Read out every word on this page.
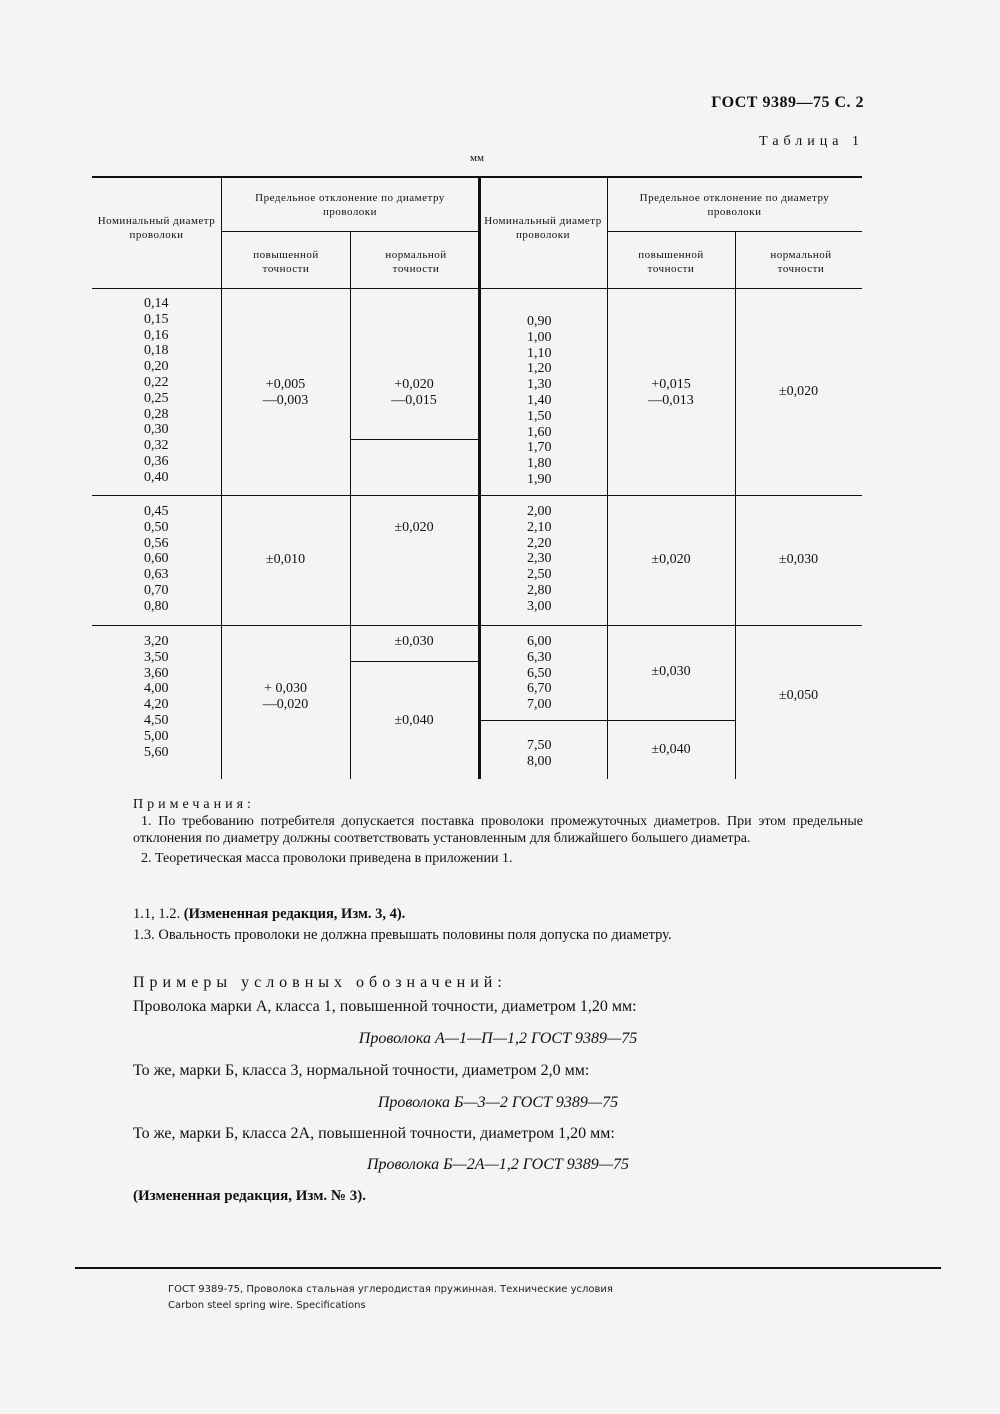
ГОСТ 9389—75 С. 2
Таблица 1
мм
Номинальный диаметр проволоки
Предельное отклонение по диаметру проволоки
повышенной точности
нормальной точности
Номинальный диаметр проволоки
Предельное отклонение по диаметру проволоки
повышенной точности
нормальной точности
0,14
0,15
0,16
0,18
0,20
0,22
0,25
0,28
0,30
0,32
0,36
0,40
0,45
0,50
0,56
0,60
0,63
0,70
0,80
3,20
3,50
3,60
4,00
4,20
4,50
5,00
5,60
+0,005
—0,003
±0,010
+ 0,030
—0,020
+0,020
—0,015
±0,020
±0,030
±0,040
0,90
1,00
1,10
1,20
1,30
1,40
1,50
1,60
1,70
1,80
1,90
2,00
2,10
2,20
2,30
2,50
2,80
3,00
6,00
6,30
6,50
6,70
7,00
7,50
8,00
+0,015
—0,013
±0,020
±0,030
±0,040
±0,020
±0,030
±0,050
Примечания:

1. По требованию потребителя допускается поставка проволоки промежуточных диаметров. При этом предельные отклонения по диаметру должны соответствовать установленным для ближайшего большего диаметра.

2. Теоретическая масса проволоки приведена в приложении 1.

1.1, 1.2. (Измененная редакция, Изм. 3, 4).
1.3. Овальность проволоки не должна превышать половины поля допуска по диаметру.
Примеры условных обозначений:
Проволока марки А, класса 1, повышенной точности, диаметром 1,20 мм:
Проволока А—1—П—1,2 ГОСТ 9389—75
То же, марки Б, класса 3, нормальной точности, диаметром 2,0 мм:
Проволока Б—3—2 ГОСТ 9389—75
То же, марки Б, класса 2А, повышенной точности, диаметром 1,20 мм:
Проволока Б—2А—1,2 ГОСТ 9389—75
(Измененная редакция, Изм. № 3).
ГОСТ 9389-75, Проволока стальная углеродистая пружинная. Технические условия
Carbon steel spring wire. Specifications
